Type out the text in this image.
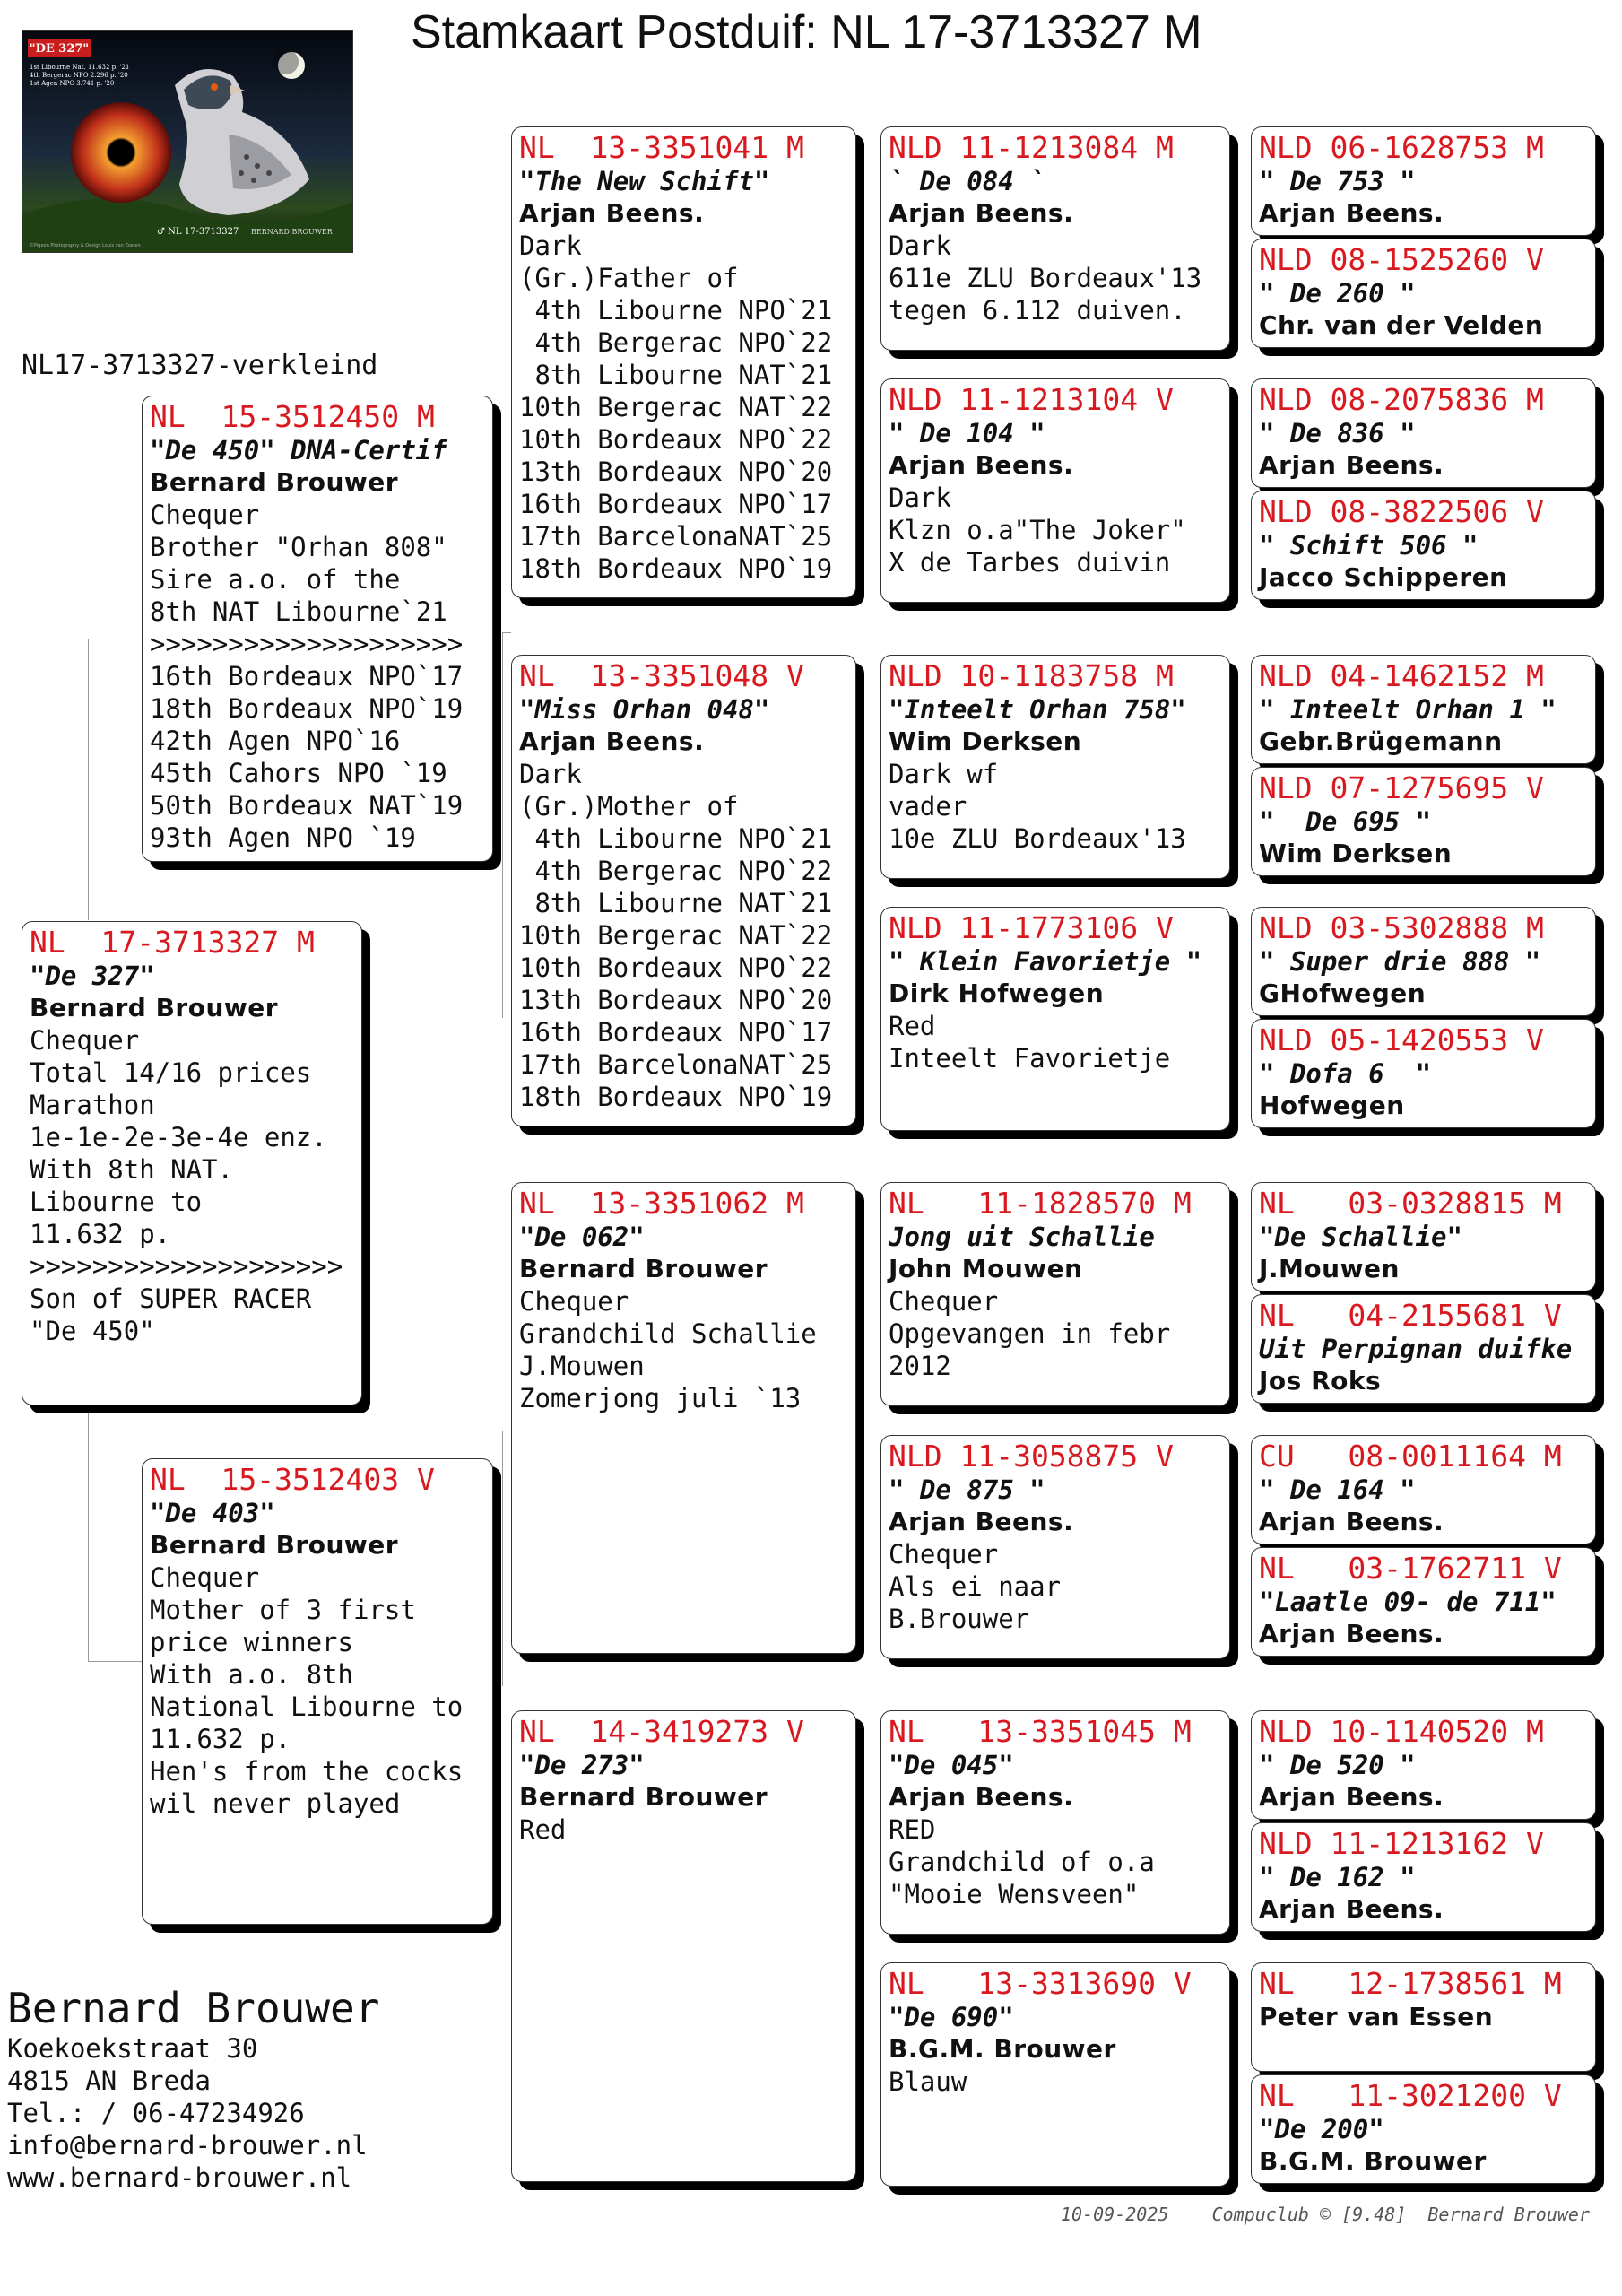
Stamkaart Postduif: NL 17-3713327 M
"DE 327"
1st Libourne Nat. 11.632 p. '21
4th Bergerac NPO 2.296 p. '20
1st Agen NPO 3.741 p. '20
♂ NL 17-3713327 BERNARD BROUWER
©Pigeon Photography & Design Louis van Zoelen
NL17-3713327-verkleind
NL  17-3713327 M
"De 327"
Bernard Brouwer
Chequer
Total 14/16 prices
Marathon
1e-1e-2e-3e-4e enz.
With 8th NAT.
Libourne to
11.632 p.
>>>>>>>>>>>>>>>>>>>>
Son of SUPER RACER
"De 450"
NL  15-3512450 M
"De 450" DNA-Certif
Bernard Brouwer
Chequer
Brother "Orhan 808"
Sire a.o. of the
8th NAT Libourne`21
>>>>>>>>>>>>>>>>>>>>
16th Bordeaux NPO`17
18th Bordeaux NPO`19
42th Agen NPO`16
45th Cahors NPO `19
50th Bordeaux NAT`19
93th Agen NPO `19
NL  15-3512403 V
"De 403"
Bernard Brouwer
Chequer
Mother of 3 first
price winners
With a.o. 8th
National Libourne to
11.632 p.
Hen's from the cocks
wil never played
NL  13-3351041 M
"The New Schift"
Arjan Beens.
Dark
(Gr.)Father of
4th Libourne NPO`21
4th Bergerac NPO`22
8th Libourne NAT`21
10th Bergerac NAT`22
10th Bordeaux NPO`22
13th Bordeaux NPO`20
16th Bordeaux NPO`17
17th BarcelonaNAT`25
18th Bordeaux NPO`19
NL  13-3351048 V
"Miss Orhan 048"
Arjan Beens.
Dark
(Gr.)Mother of
4th Libourne NPO`21
4th Bergerac NPO`22
8th Libourne NAT`21
10th Bergerac NAT`22
10th Bordeaux NPO`22
13th Bordeaux NPO`20
16th Bordeaux NPO`17
17th BarcelonaNAT`25
18th Bordeaux NPO`19
NL  13-3351062 M
"De 062"
Bernard Brouwer
Chequer
Grandchild Schallie
J.Mouwen
Zomerjong juli `13
NL  14-3419273 V
"De 273"
Bernard Brouwer
Red
NLD 11-1213084 M
` De 084 `
Arjan Beens.
Dark
611e ZLU Bordeaux'13
tegen 6.112 duiven.
NLD 11-1213104 V
" De 104 "
Arjan Beens.
Dark
Klzn o.a"The Joker"
X de Tarbes duivin
NLD 10-1183758 M
"Inteelt Orhan 758"
Wim Derksen
Dark wf
vader
10e ZLU Bordeaux'13
NLD 11-1773106 V
" Klein Favorietje "
Dirk Hofwegen
Red
Inteelt Favorietje
NL   11-1828570 M
Jong uit Schallie
John Mouwen
Chequer
Opgevangen in febr
2012
NLD 11-3058875 V
" De 875 "
Arjan Beens.
Chequer
Als ei naar
B.Brouwer
NL   13-3351045 M
"De 045"
Arjan Beens.
RED
Grandchild of o.a
"Mooie Wensveen"
NL   13-3313690 V
"De 690"
B.G.M. Brouwer
Blauw
NLD 06-1628753 M
" De 753 "
Arjan Beens.
NLD 08-1525260 V
" De 260 "
Chr. van der Velden
NLD 08-2075836 M
" De 836 "
Arjan Beens.
NLD 08-3822506 V
" Schift 506 "
Jacco Schipperen
NLD 04-1462152 M
" Inteelt Orhan 1 "
Gebr.Brügemann
NLD 07-1275695 V
"  De 695 "
Wim Derksen
NLD 03-5302888 M
" Super drie 888 "
GHofwegen
NLD 05-1420553 V
" Dofa 6  "
Hofwegen
NL   03-0328815 M
"De Schallie"
J.Mouwen
NL   04-2155681 V
Uit Perpignan duifke
Jos Roks
CU   08-0011164 M
" De 164 "
Arjan Beens.
NL   03-1762711 V
"Laatle 09- de 711"
Arjan Beens.
NLD 10-1140520 M
" De 520 "
Arjan Beens.
NLD 11-1213162 V
" De 162 "
Arjan Beens.
NL   12-1738561 M
Peter van Essen
NL   11-3021200 V
"De 200"
B.G.M. Brouwer
Bernard Brouwer
Koekoekstraat 30
4815 AN Breda
Tel.: / 06-47234926
info@bernard-brouwer.nl
www.bernard-brouwer.nl
10-09-2025    Compuclub © [9.48]  Bernard Brouwer
